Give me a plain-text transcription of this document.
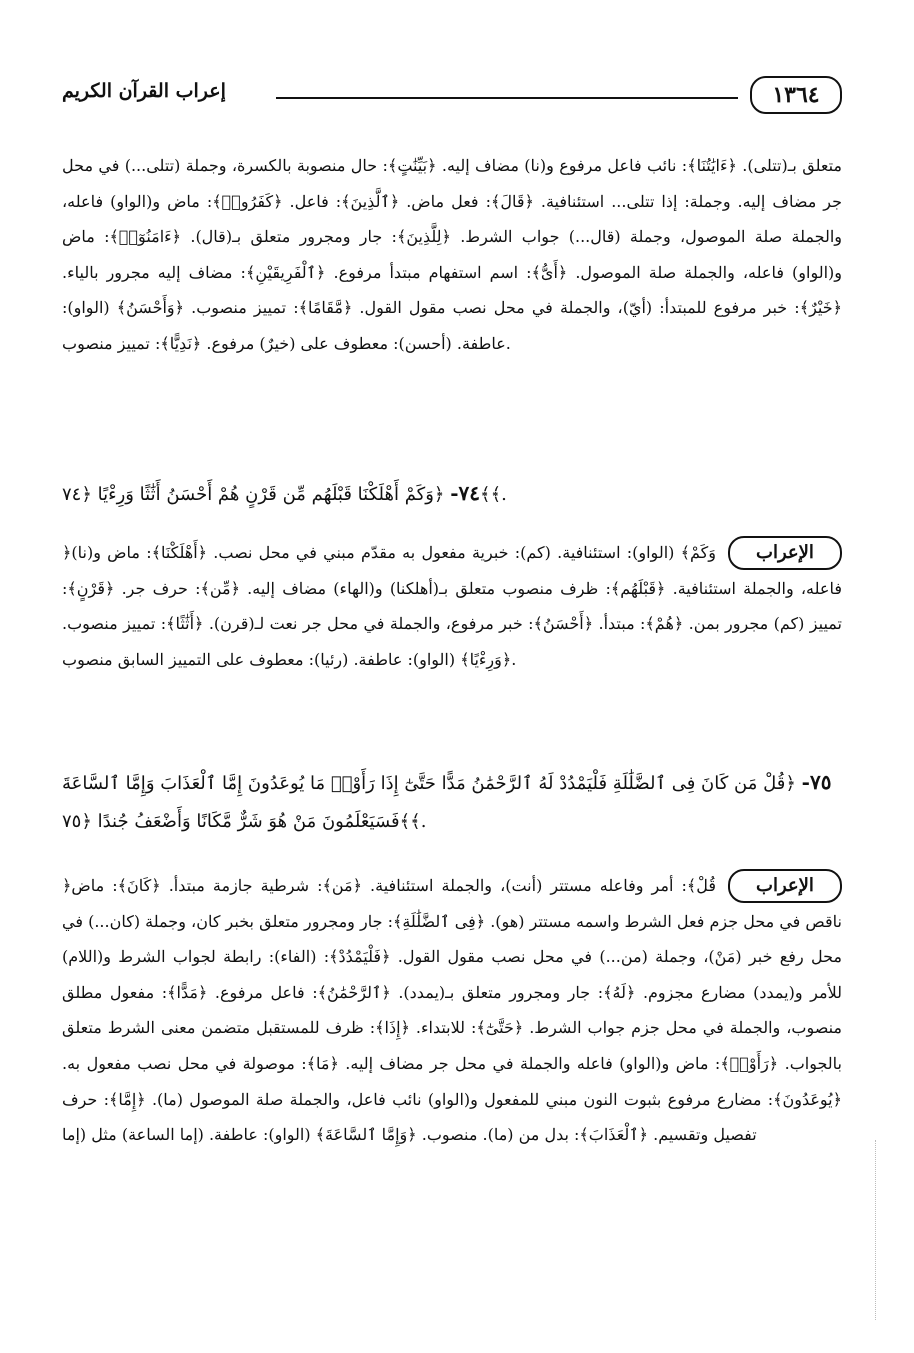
١٣٦٤
إعراب القرآن الكريم
متعلق بـ(تتلى). ﴿ءَايَٰتُنَا﴾: نائب فاعل مرفوع و(نا) مضاف إليه. ﴿بَيِّنَٰتٍ﴾: حال منصوبة بالكسرة، وجملة (تتلى...) في محل جر مضاف إليه. وجملة: إذا تتلى... استئنافية. ﴿قَالَ﴾: فعل ماض. ﴿ٱلَّذِينَ﴾: فاعل. ﴿كَفَرُوا۟﴾: ماض و(الواو) فاعله، والجملة صلة الموصول، وجملة (قال...) جواب الشرط. ﴿لِلَّذِينَ﴾: جار ومجرور متعلق بـ(قال). ﴿ءَامَنُوٓا۟﴾: ماض و(الواو) فاعله، والجملة صلة الموصول. ﴿أَىُّ﴾: اسم استفهام مبتدأ مرفوع. ﴿ٱلْفَرِيقَيْنِ﴾: مضاف إليه مجرور بالياء. ﴿خَيْرٌ﴾: خبر مرفوع للمبتدأ: (أيّ)، والجملة في محل نصب مقول القول. ﴿مَّقَامًا﴾: تمييز منصوب. ﴿وَأَحْسَنُ﴾ (الواو): عاطفة. (أحسن): معطوف على (خيرٌ) مرفوع. ﴿نَدِيًّا﴾: تمييز منصوب.
٧٤- ﴿وَكَمْ أَهْلَكْنَا قَبْلَهُم مِّن قَرْنٍ هُمْ أَحْسَنُ أَثَٰثًا وَرِءْيًا ﴿٧٤﴾﴾.
الإعراب
﴿وَكَمْ﴾ (الواو): استئنافية. (كم): خبرية مفعول به مقدّم مبني في محل نصب. ﴿أَهْلَكْنَا﴾: ماض و(نا) فاعله، والجملة استئنافية. ﴿قَبْلَهُم﴾: ظرف منصوب متعلق بـ(أهلكنا) و(الهاء) مضاف إليه. ﴿مِّن﴾: حرف جر. ﴿قَرْنٍ﴾: تمييز (كم) مجرور بمن. ﴿هُمْ﴾: مبتدأ. ﴿أَحْسَنُ﴾: خبر مرفوع، والجملة في محل جر نعت لـ(قرن). ﴿أَثَٰثًا﴾: تمييز منصوب. ﴿وَرِءْيًا﴾ (الواو): عاطفة. (رئيا): معطوف على التمييز السابق منصوب.
٧٥- ﴿قُلْ مَن كَانَ فِى ٱلضَّلَٰلَةِ فَلْيَمْدُدْ لَهُ ٱلرَّحْمَٰنُ مَدًّا حَتَّىٰٓ إِذَا رَأَوْا۟ مَا يُوعَدُونَ إِمَّا ٱلْعَذَابَ وَإِمَّا ٱلسَّاعَةَ فَسَيَعْلَمُونَ مَنْ هُوَ شَرٌّ مَّكَانًا وَأَضْعَفُ جُندًا ﴿٧٥﴾﴾.
الإعراب
﴿قُلْ﴾: أمر وفاعله مستتر (أنت)، والجملة استئنافية. ﴿مَن﴾: شرطية جازمة مبتدأ. ﴿كَانَ﴾: ماض ناقص في محل جزم فعل الشرط واسمه مستتر (هو). ﴿فِى ٱلضَّلَٰلَةِ﴾: جار ومجرور متعلق بخبر كان، وجملة (كان...) في محل رفع خبر (مَنْ)، وجملة (من...) في محل نصب مقول القول. ﴿فَلْيَمْدُدْ﴾: (الفاء): رابطة لجواب الشرط و(اللام) للأمر و(يمدد) مضارع مجزوم. ﴿لَهُ﴾: جار ومجرور متعلق بـ(يمدد). ﴿ٱلرَّحْمَٰنُ﴾: فاعل مرفوع. ﴿مَدًّا﴾: مفعول مطلق منصوب، والجملة في محل جزم جواب الشرط. ﴿حَتَّىٰٓ﴾: للابتداء. ﴿إِذَا﴾: ظرف للمستقبل متضمن معنى الشرط متعلق بالجواب. ﴿رَأَوْا۟﴾: ماض و(الواو) فاعله والجملة في محل جر مضاف إليه. ﴿مَا﴾: موصولة في محل نصب مفعول به. ﴿يُوعَدُونَ﴾: مضارع مرفوع بثبوت النون مبني للمفعول و(الواو) نائب فاعل، والجملة صلة الموصول (ما). ﴿إِمَّا﴾: حرف تفصيل وتقسيم. ﴿ٱلْعَذَابَ﴾: بدل من (ما). منصوب. ﴿وَإِمَّا ٱلسَّاعَةَ﴾ (الواو): عاطفة. (إما الساعة) مثل (إما
